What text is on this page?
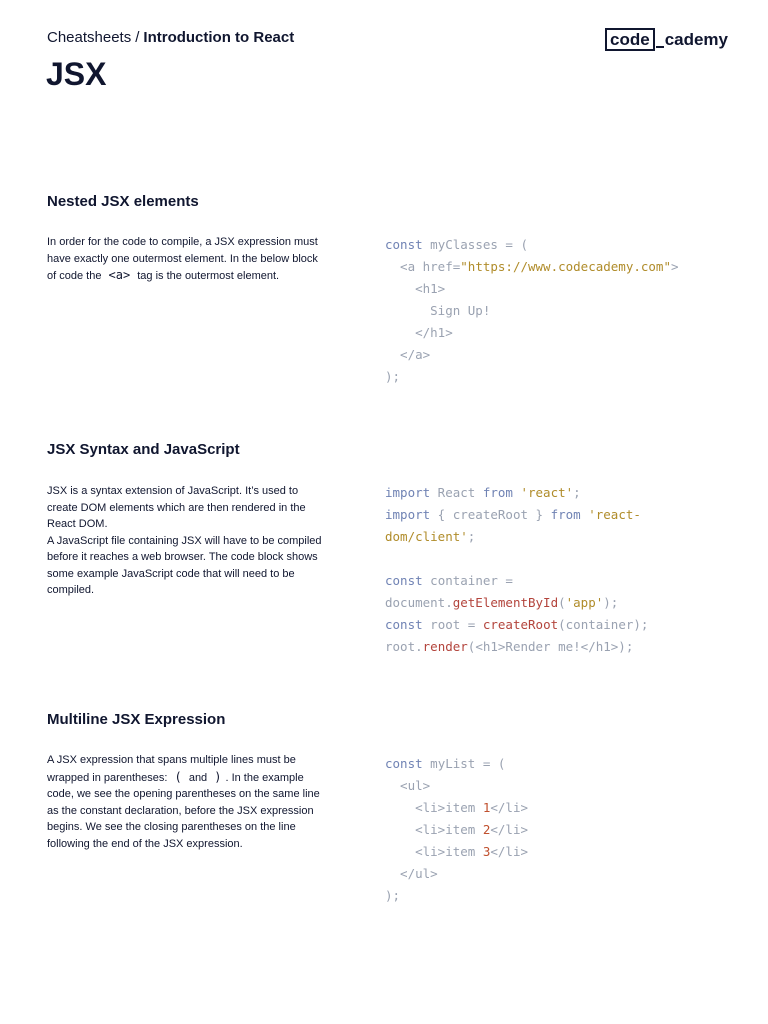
Cheatsheets / Introduction to React
JSX
code cademy
Nested JSX elements

In order for the code to compile, a JSX expression must have exactly one outermost element. In the below block of code the <a> tag is the outermost element.

const myClasses = (
<a href="https://www.codecademy.com">
<h1>
Sign Up!
</h1>
</a>
);
JSX Syntax and JavaScript

JSX is a syntax extension of JavaScript. It’s used to create DOM elements which are then rendered in the React DOM.
A JavaScript file containing JSX will have to be compiled before it reaches a web browser. The code block shows some example JavaScript code that will need to be compiled.

import React from 'react';
import { createRoot } from 'react-
dom/client';
const container =
document.getElementById('app');
const root = createRoot(container);
root.render(<h1>Render me!</h1>);
Multiline JSX Expression

A JSX expression that spans multiple lines must be wrapped in parentheses: ( and ) . In the example code, we see the opening parentheses on the same line as the constant declaration, before the JSX expression begins. We see the closing parentheses on the line following the end of the JSX expression.

const myList = (
<ul>
<li>item 1</li>
<li>item 2</li>
<li>item 3</li>
</ul>
);
